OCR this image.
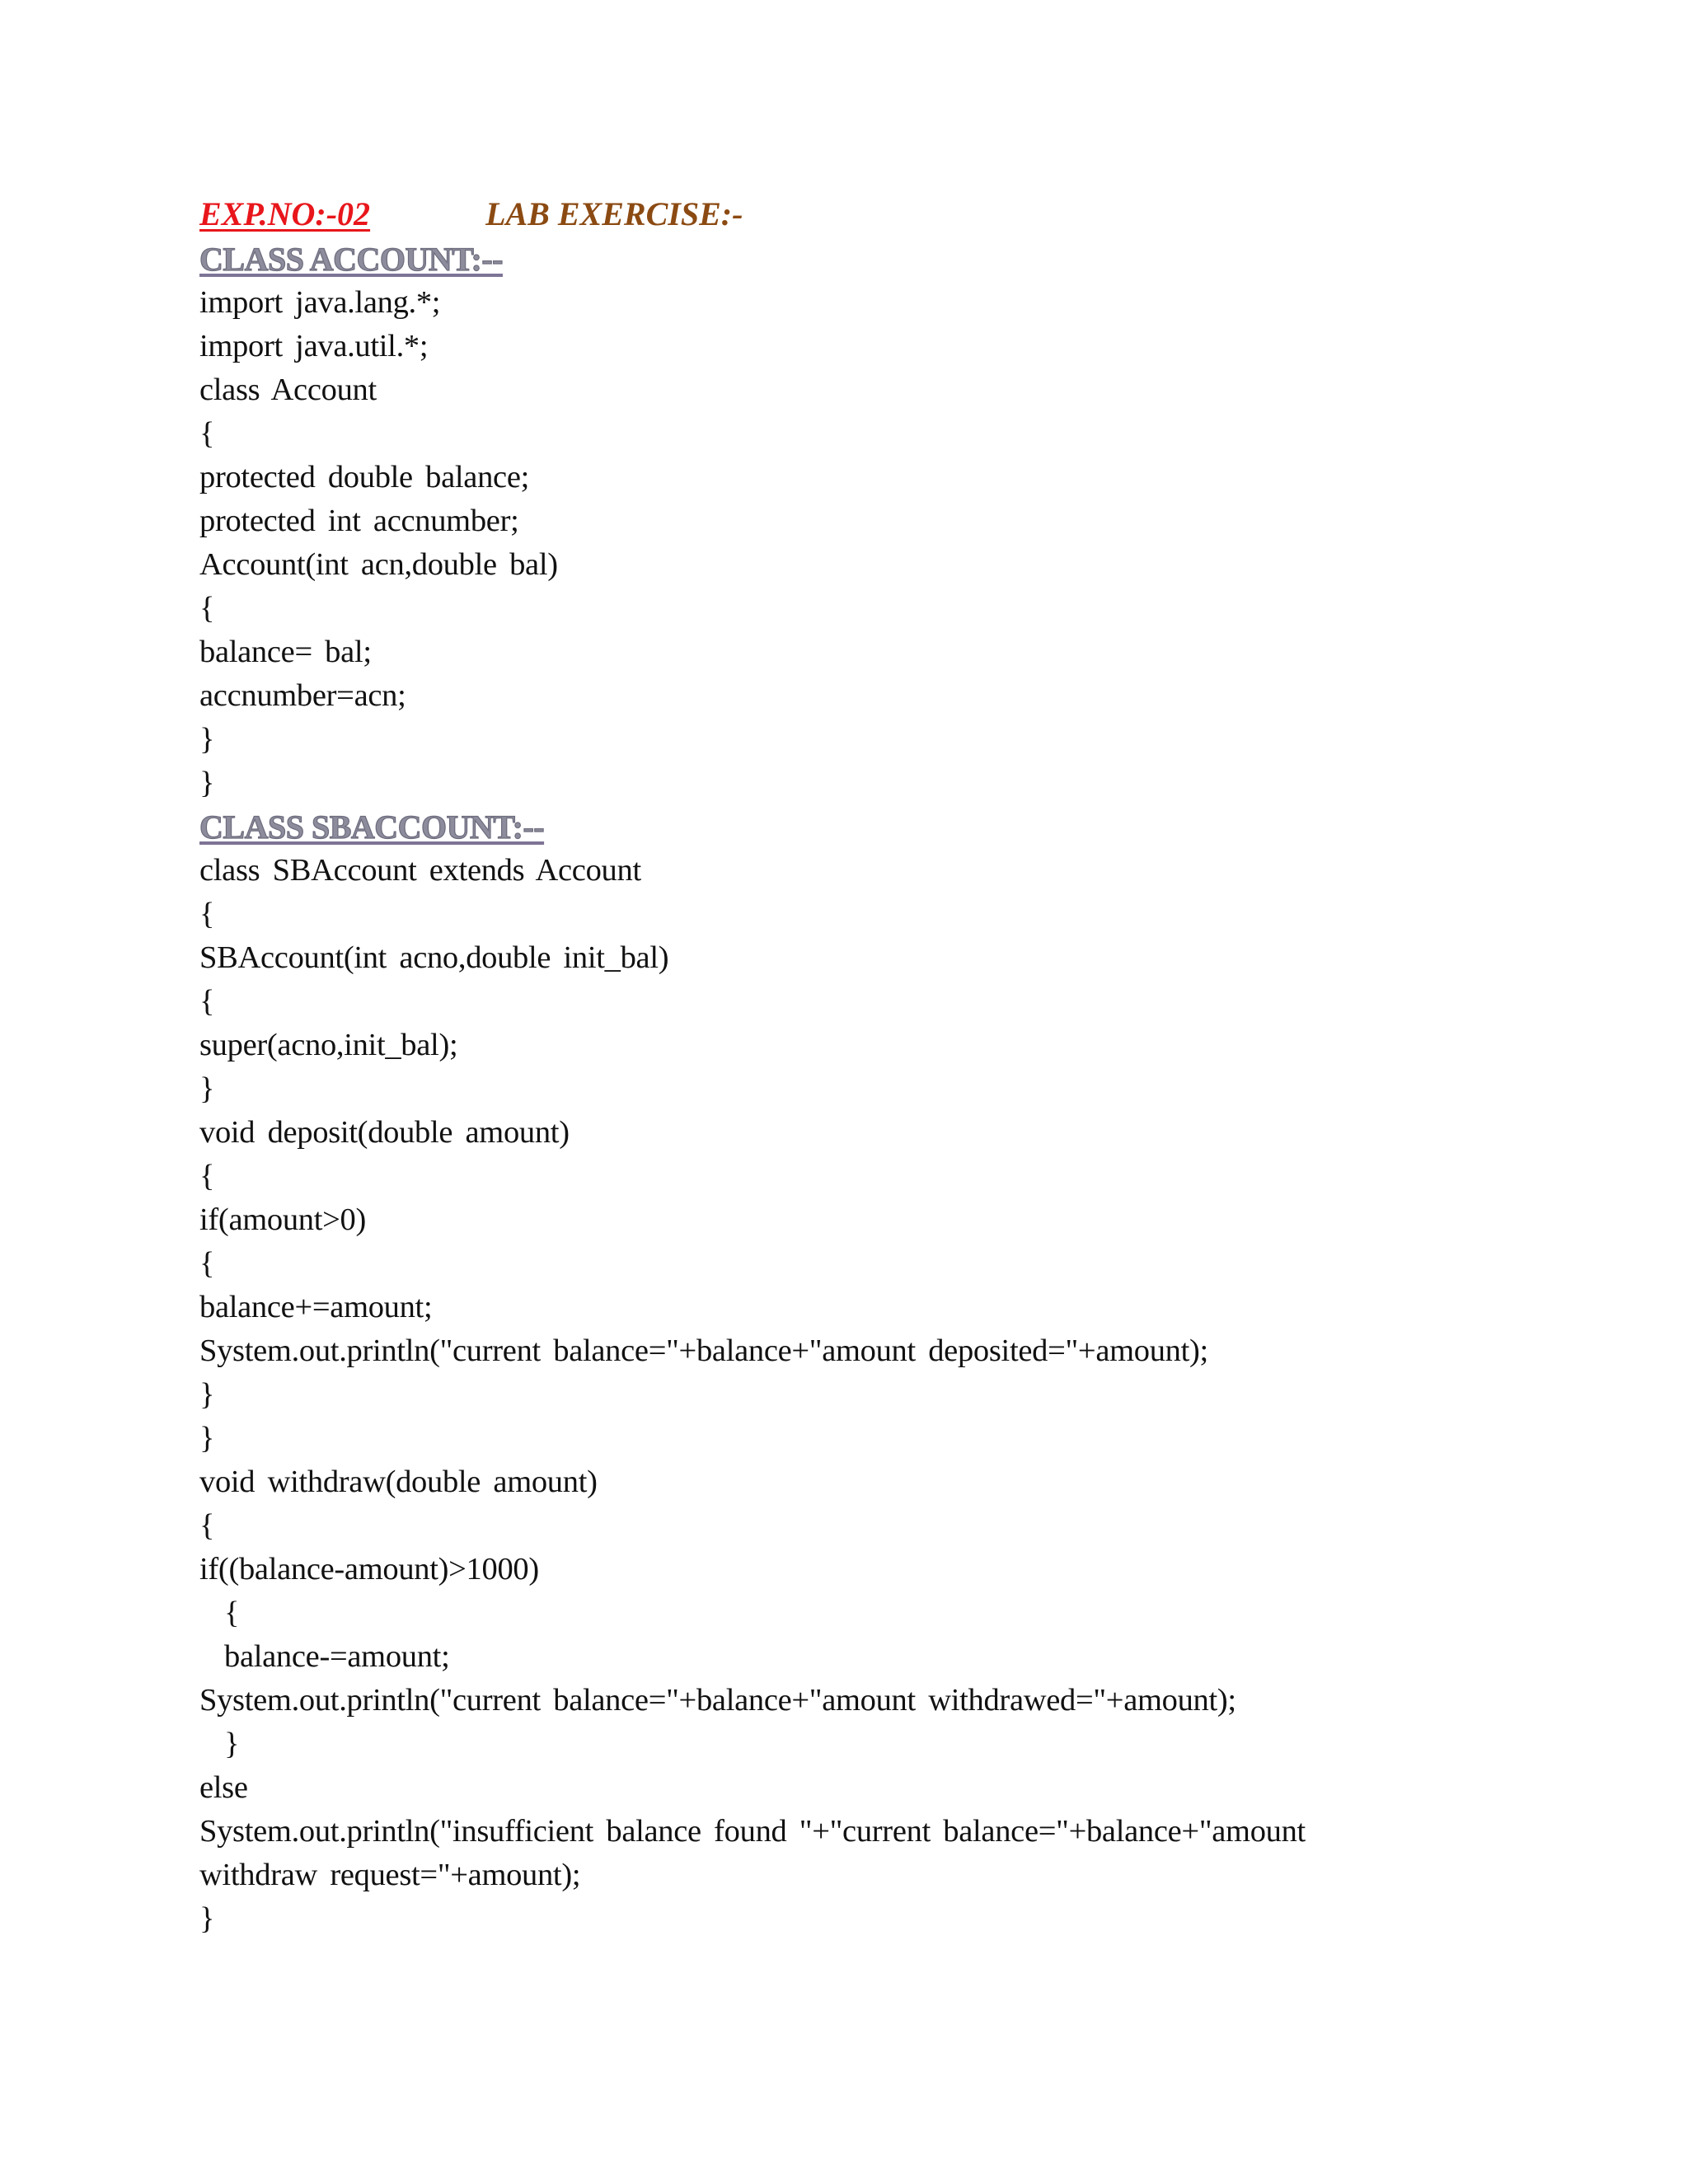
EXP.NO:-02	LAB EXERCISE:-
CLASS ACCOUNT:--
import java.lang.*;
import java.util.*;
class Account
{
protected double balance;
protected int accnumber;
Account(int acn,double bal)
{
balance= bal;
accnumber=acn;
}
}
CLASS SBACCOUNT:--
class SBAccount extends Account
{
SBAccount(int acno,double init_bal)
{
super(acno,init_bal);
}
void deposit(double amount)
{
if(amount>0)
{
balance+=amount;
System.out.println("current balance="+balance+"amount deposited="+amount);
}
}
void withdraw(double amount)
{
if((balance-amount)>1000)
{
balance-=amount;
System.out.println("current balance="+balance+"amount withdrawed="+amount);
}
else
System.out.println("insufficient balance found "+"current balance="+balance+"amount
withdraw request="+amount);
}
